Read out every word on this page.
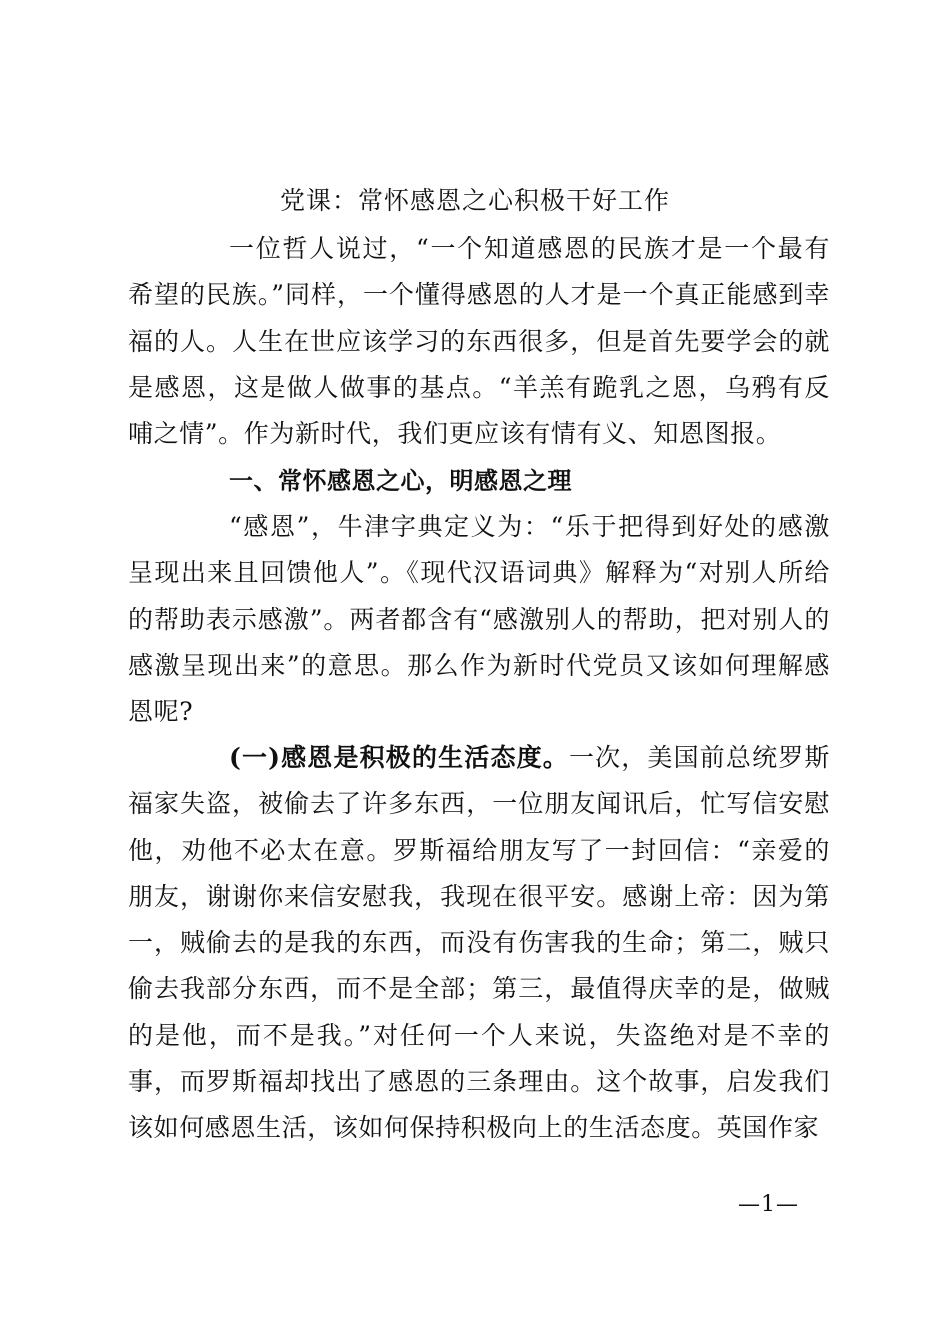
党课：常怀感恩之心积极干好工作
一位哲人说过，“一个知道感恩的民族才是一个最有希望的民族。”同样，一个懂得感恩的人才是一个真正能感到幸福的人。人生在世应该学习的东西很多，但是首先要学会的就是感恩，这是做人做事的基点。“羊羔有跪乳之恩，乌鸦有反哺之情”。作为新时代，我们更应该有情有义、知恩图报。
一、常怀感恩之心，明感恩之理
“感恩”，牛津字典定义为：“乐于把得到好处的感激呈现出来且回馈他人”。《现代汉语词典》解释为“对别人所给的帮助表示感激”。两者都含有“感激别人的帮助，把对别人的感激呈现出来”的意思。那么作为新时代党员又该如何理解感恩呢?
(一)感恩是积极的生活态度。一次，美国前总统罗斯福家失盗，被偷去了许多东西，一位朋友闻讯后，忙写信安慰他，劝他不必太在意。罗斯福给朋友写了一封回信：“亲爱的朋友，谢谢你来信安慰我，我现在很平安。感谢上帝：因为第一，贼偷去的是我的东西，而没有伤害我的生命；第二，贼只偷去我部分东西，而不是全部；第三，最值得庆幸的是，做贼的是他，而不是我。”对任何一个人来说，失盗绝对是不幸的事，而罗斯福却找出了感恩的三条理由。这个故事，启发我们该如何感恩生活，该如何保持积极向上的生活态度。英国作家
—1—
